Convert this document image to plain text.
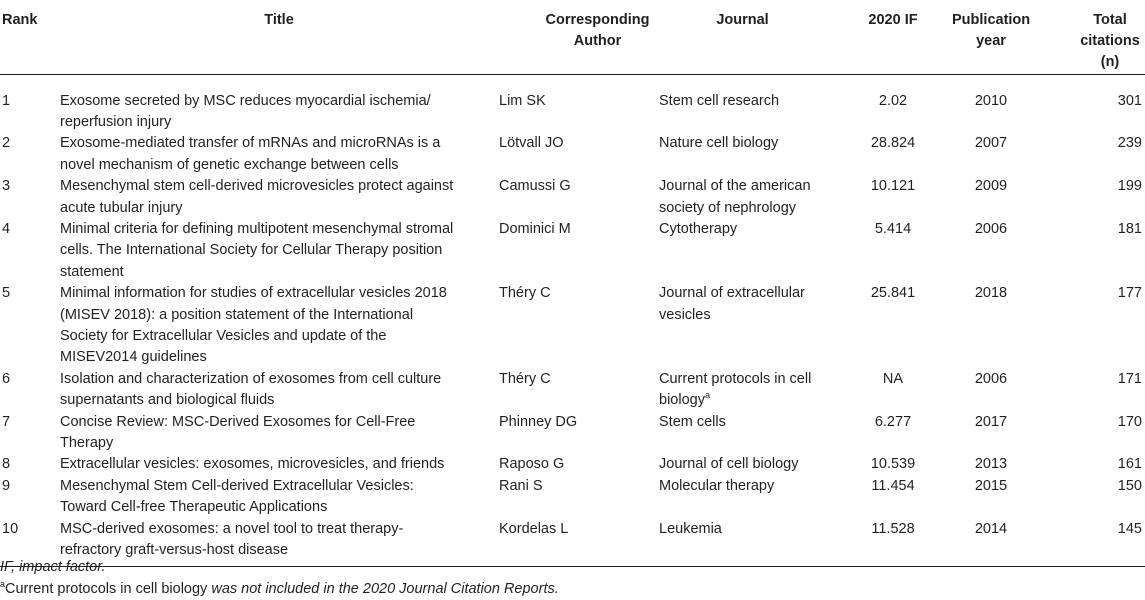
Rank	Title	Corresponding Author	Journal	2020 IF	Publication year	Total citations (n)
1	Exosome secreted by MSC reduces myocardial ischemia/ reperfusion injury	Lim SK	Stem cell research	2.02	2010	301
2	Exosome-mediated transfer of mRNAs and microRNAs is a novel mechanism of genetic exchange between cells	Lötvall JO	Nature cell biology	28.824	2007	239
3	Mesenchymal stem cell-derived microvesicles protect against acute tubular injury	Camussi G	Journal of the american society of nephrology	10.121	2009	199
4	Minimal criteria for defining multipotent mesenchymal stromal cells. The International Society for Cellular Therapy position statement	Dominici M	Cytotherapy	5.414	2006	181
5	Minimal information for studies of extracellular vesicles 2018 (MISEV 2018): a position statement of the International Society for Extracellular Vesicles and update of the MISEV2014 guidelines	Théry C	Journal of extracellular vesicles	25.841	2018	177
6	Isolation and characterization of exosomes from cell culture supernatants and biological fluids	Théry C	Current protocols in cell biology$^a$	NA	2006	171
7	Concise Review: MSC-Derived Exosomes for Cell-Free Therapy	Phinney DG	Stem cells	6.277	2017	170
8	Extracellular vesicles: exosomes, microvesicles, and friends	Raposo G	Journal of cell biology	10.539	2013	161
9	Mesenchymal Stem Cell-derived Extracellular Vesicles: Toward Cell-free Therapeutic Applications	Rani S	Molecular therapy	11.454	2015	150
10	MSC-derived exosomes: a novel tool to treat therapy-refractory graft-versus-host disease	Kordelas L	Leukemia	11.528	2014	145
IF, impact factor.
$^a$Current protocols in cell biology was not included in the 2020 Journal Citation Reports.
